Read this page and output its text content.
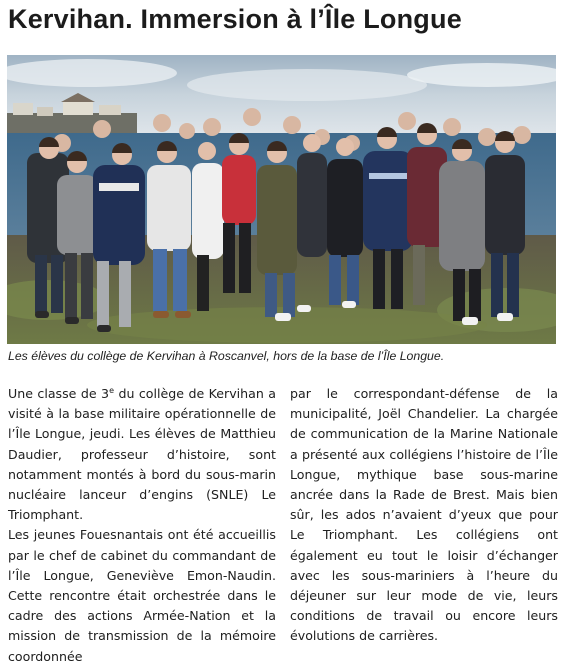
Kervihan. Immersion à l’Île Longue
Les élèves du collège de Kervihan à Roscanvel, hors de la base de l’Île Longue.

Une classe de 3e du collège de Kervihan a visité à la base militaire opérationnelle de l’Île Longue, jeudi. Les élèves de Matthieu Daudier, professeur d’histoire, sont notamment montés à bord du sous-marin nucléaire lanceur d’engins (SNLE) Le Triomphant.

Les jeunes Fouesnantais ont été accueillis par le chef de cabinet du commandant de l’Île Longue, Geneviève Emon-Naudin. Cette rencontre était orchestrée dans le cadre des actions Armée-Nation et la mission de transmission de la mémoire coordonnée

par le correspondant-défense de la municipalité, Joël Chandelier. La chargée de communication de la Marine Nationale a présenté aux collégiens l’histoire de l’Île Longue, mythique base sous-marine ancrée dans la Rade de Brest. Mais bien sûr, les ados n’avaient d’yeux que pour Le Triomphant. Les collégiens ont également eu tout le loisir d’échanger avec les sous-mariniers à l’heure du déjeuner sur leur mode de vie, leurs conditions de travail ou encore leurs évolutions de carrières.
